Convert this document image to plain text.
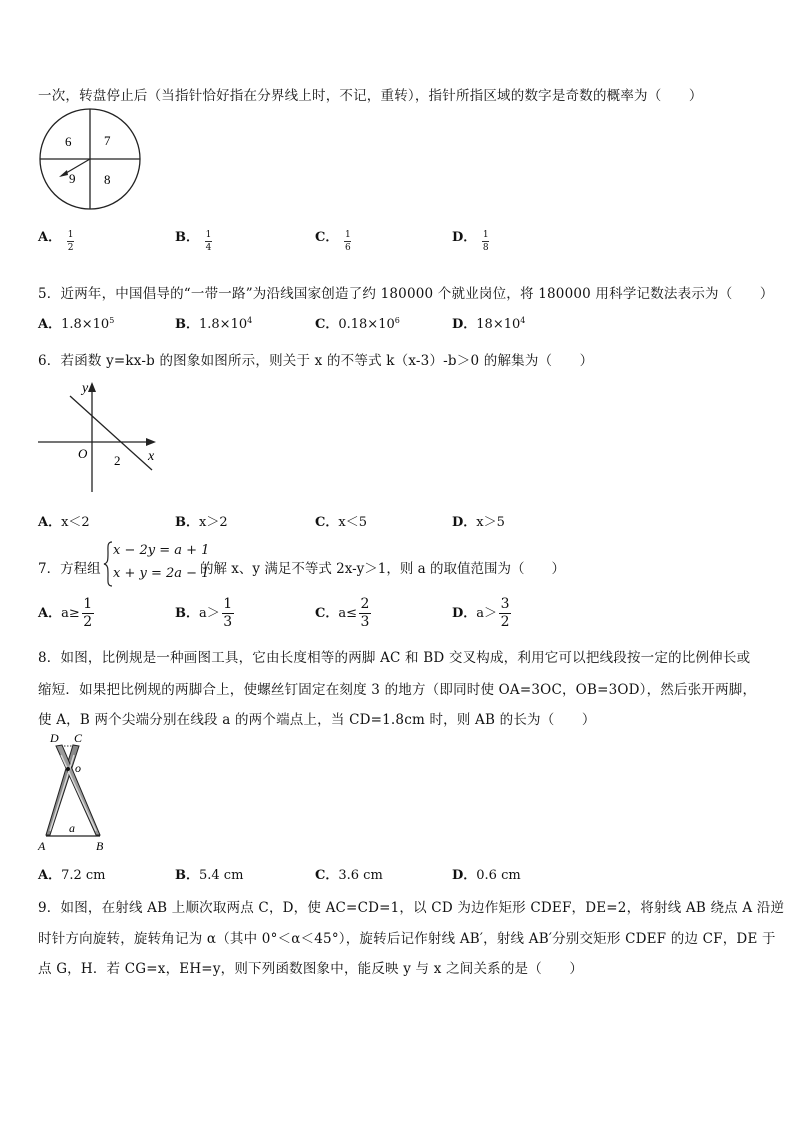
一次，转盘停止后（当指针恰好指在分界线上时，不记，重转），指针所指区域的数字是奇数的概率为（　　）
6	7
9 8
A． $\frac{1}{2}$	B． $\frac{1}{4}$	C． $\frac{1}{6}$	D． $\frac{1}{8}$
5．近两年，中国倡导的“一带一路”为沿线国家创造了约 180000 个就业岗位，将 180000 用科学记数法表示为（　　）
A．$1.8\times 10^5$	B．$1.8\times 10^4$	C．$0.18\times 10^6$	D．$18\times 10^4$
6．若函数 y=kx-b 的图象如图所示，则关于 x 的不等式 k（x-3）-b＞0 的解集为（　　）
y
x
O 2
A．x＜2	B．x＞2	C．x＜5	D．x＞5
7．方程组
x − 2y = a + 1
x + y = 2a − 1
的解 x、y 满足不等式 2x-y＞1，则 a 的取值范围为（　　）
A．$a\ge \frac{1}{2}$	B．$a> \frac{1}{3}$	C．$a\le \frac{2}{3}$	D．$a> \frac{3}{2}$
8．如图，比例规是一种画图工具，它由长度相等的两脚 AC 和 BD 交叉构成，利用它可以把线段按一定的比例伸长或
缩短．如果把比例规的两脚合上，使螺丝钉固定在刻度 3 的地方（即同时使 OA=3OC，OB=3OD），然后张开两脚，
使 A，B 两个尖端分别在线段 a 的两个端点上，当 CD=1.8cm 时，则 AB 的长为（　　）
D C
o
a
A	B
A．7.2 cm	B．5.4 cm	C．3.6 cm	D．0.6 cm
9．如图，在射线 AB 上顺次取两点 C，D，使 AC=CD=1，以 CD 为边作矩形 CDEF，DE=2，将射线 AB 绕点 A 沿逆
时针方向旋转，旋转角记为 α（其中 0°＜α＜45°），旋转后记作射线 AB′，射线 AB′分别交矩形 CDEF 的边 CF，DE 于
点 G，H．若 CG=x，EH=y，则下列函数图象中，能反映 y 与 x 之间关系的是（　　）
